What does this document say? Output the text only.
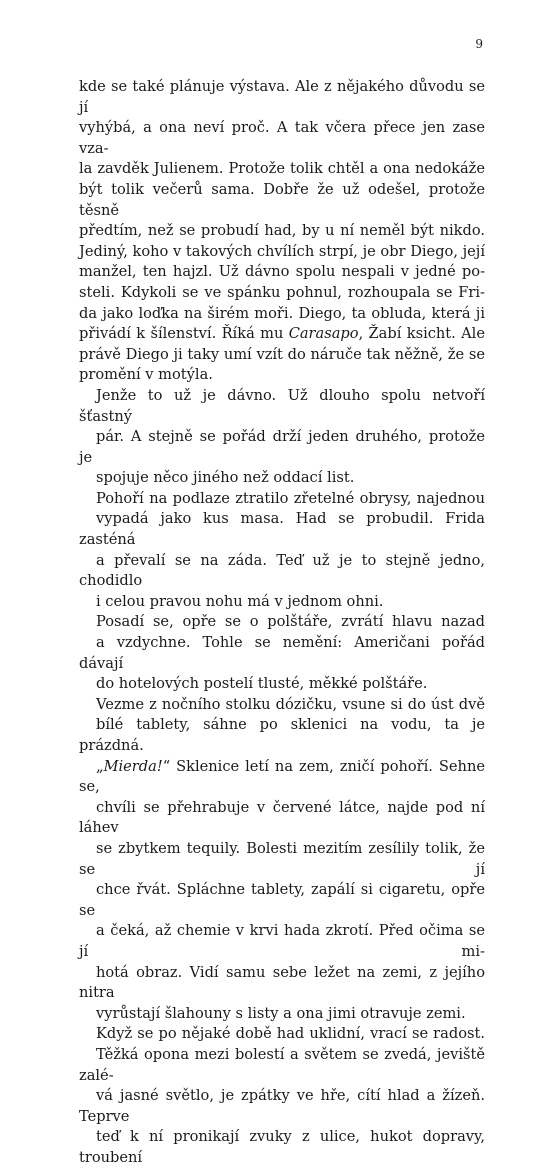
9

kde se také plánuje výstava. Ale z nějakého důvodu se jí
vyhýbá, a ona neví proč. A tak včera přece jen zase vza-
la zavděk Julienem. Protože tolik chtěl a ona nedokáže
být tolik večerů sama. Dobře že už odešel, protože těsně
předtím, než se probudí had, by u ní neměl být nikdo.
Jediný, koho v takových chvílích strpí, je obr Diego, její
manžel, ten hajzl. Už dávno spolu nespali v jedné po-
steli. Kdykoli se ve spánku pohnul, rozhoupala se Fri-
da jako loďka na širém moři. Diego, ta obluda, která ji
přivádí k šílenství. Říká mu Carasapo, Žabí ksicht. Ale
právě Diego ji taky umí vzít do náruče tak něžně, že se
promění v motýla.

Jenže to už je dávno. Už dlouho spolu netvoří šťastný
pár. A stejně se pořád drží jeden druhého, protože je
spojuje něco jiného než oddací list.

Pohoří na podlaze ztratilo zřetelné obrysy, najednou
vypadá jako kus masa. Had se probudil. Frida zasténá
a převalí se na záda. Teď už je to stejně jedno, chodidlo
i celou pravou nohu má v jednom ohni.

Posadí se, opře se o polštáře, zvrátí hlavu nazad
a vzdychne. Tohle se nemění: Američani pořád dávají
do hotelových postelí tlusté, měkké polštáře.

Vezme z nočního stolku dózičku, vsune si do úst dvě
bílé tablety, sáhne po sklenici na vodu, ta je prázdná.
„Mierda!“ Sklenice letí na zem, zničí pohoří. Sehne se,
chvíli se přehrabuje v červené látce, najde pod ní láhev
se zbytkem tequily. Bolesti mezitím zesílily tolik, že se jí
chce řvát. Spláchne tablety, zapálí si cigaretu, opře se
a čeká, až chemie v krvi hada zkrotí. Před očima se jí mi-
hotá obraz. Vidí samu sebe ležet na zemi, z jejího nitra
vyrůstají šlahouny s listy a ona jimi otravuje zemi.

Když se po nějaké době had uklidní, vrací se radost.
Těžká opona mezi bolestí a světem se zvedá, jeviště zalé-
vá jasné světlo, je zpátky ve hře, cítí hlad a žízeň. Teprve
teď k ní pronikají zvuky z ulice, hukot dopravy, troubení
